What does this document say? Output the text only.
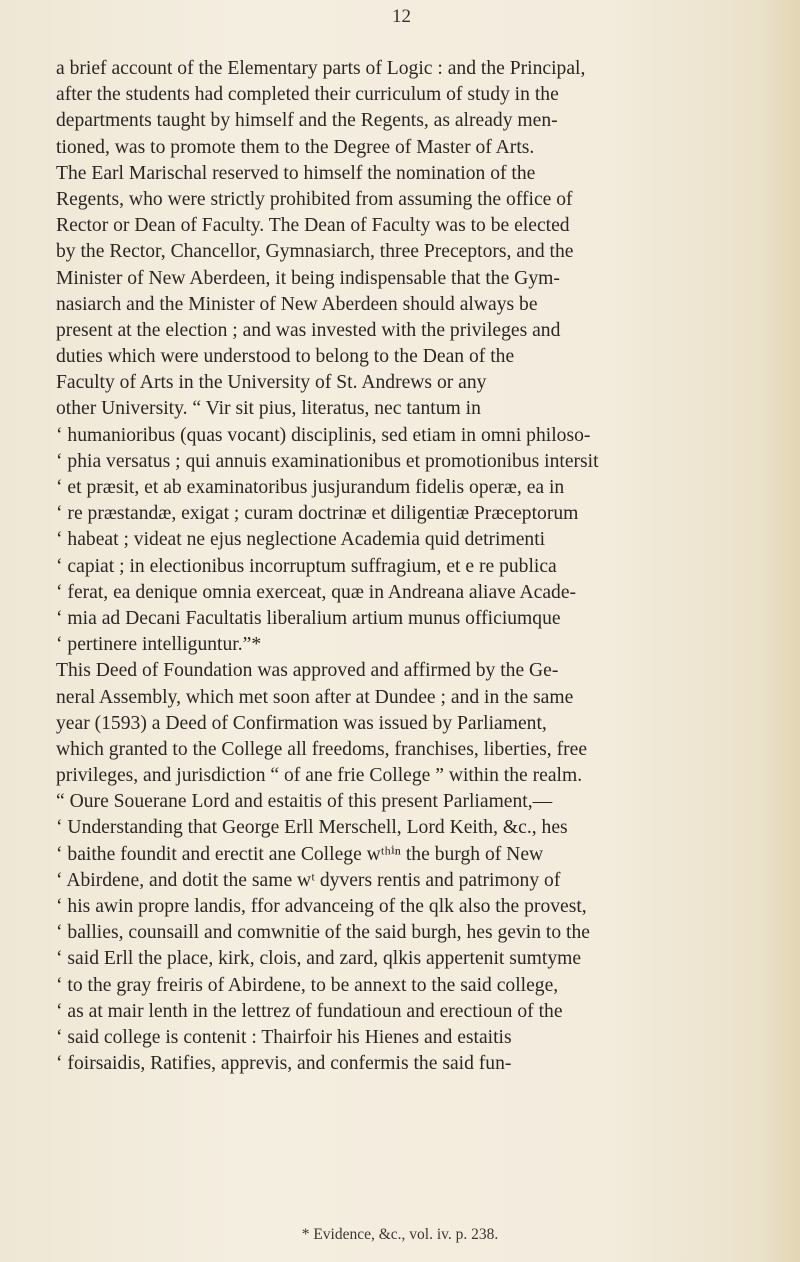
12
a brief account of the Elementary parts of Logic : and the Principal,
after the students had completed their curriculum of study in the
departments taught by himself and the Regents, as already men-
tioned, was to promote them to the Degree of Master of Arts.
The Earl Marischal reserved to himself the nomination of the
Regents, who were strictly prohibited from assuming the office of
Rector or Dean of Faculty. The Dean of Faculty was to be elected
by the Rector, Chancellor, Gymnasiarch, three Preceptors, and the
Minister of New Aberdeen, it being indispensable that the Gym-
nasiarch and the Minister of New Aberdeen should always be
present at the election ; and was invested with the privileges and
duties which were understood to belong to the Dean of the
Faculty of Arts in the University of St. Andrews or any
other University. “ Vir sit pius, literatus, nec tantum in
‘ humanioribus (quas vocant) disciplinis, sed etiam in omni philoso-
‘ phia versatus ; qui annuis examinationibus et promotionibus intersit
‘ et præsit, et ab examinatoribus jusjurandum fidelis operæ, ea in
‘ re præstandæ, exigat ; curam doctrinæ et diligentiæ Præceptorum
‘ habeat ; videat ne ejus neglectione Academia quid detrimenti
‘ capiat ; in electionibus incorruptum suffragium, et e re publica
‘ ferat, ea denique omnia exerceat, quæ in Andreana aliave Acade-
‘ mia ad Decani Facultatis liberalium artium munus officiumque
‘ pertinere intelliguntur.”*
This Deed of Foundation was approved and affirmed by the Ge-
neral Assembly, which met soon after at Dundee ; and in the same
year (1593) a Deed of Confirmation was issued by Parliament,
which granted to the College all freedoms, franchises, liberties, free
privileges, and jurisdiction “ of ane frie College ” within the realm.
“ Oure Souerane Lord and estaitis of this present Parliament,—
‘ Understanding that George Erll Merschell, Lord Keith, &c., hes
‘ baithe foundit and erectit ane College wᵗʰⁱⁿ the burgh of New
‘ Abirdene, and dotit the same wᵗ dyvers rentis and patrimony of
‘ his awin propre landis, ffor advanceing of the qlk also the provest,
‘ ballies, counsaill and comwnitie of the said burgh, hes gevin to the
‘ said Erll the place, kirk, clois, and zard, qlkis appertenit sumtyme
‘ to the gray freiris of Abirdene, to be annext to the said college,
‘ as at mair lenth in the lettrez of fundatioun and erectioun of the
‘ said college is contenit : Thairfoir his Hienes and estaitis
‘ foirsaidis, Ratifies, apprevis, and confermis the said fun-
* Evidence, &c., vol. iv. p. 238.
